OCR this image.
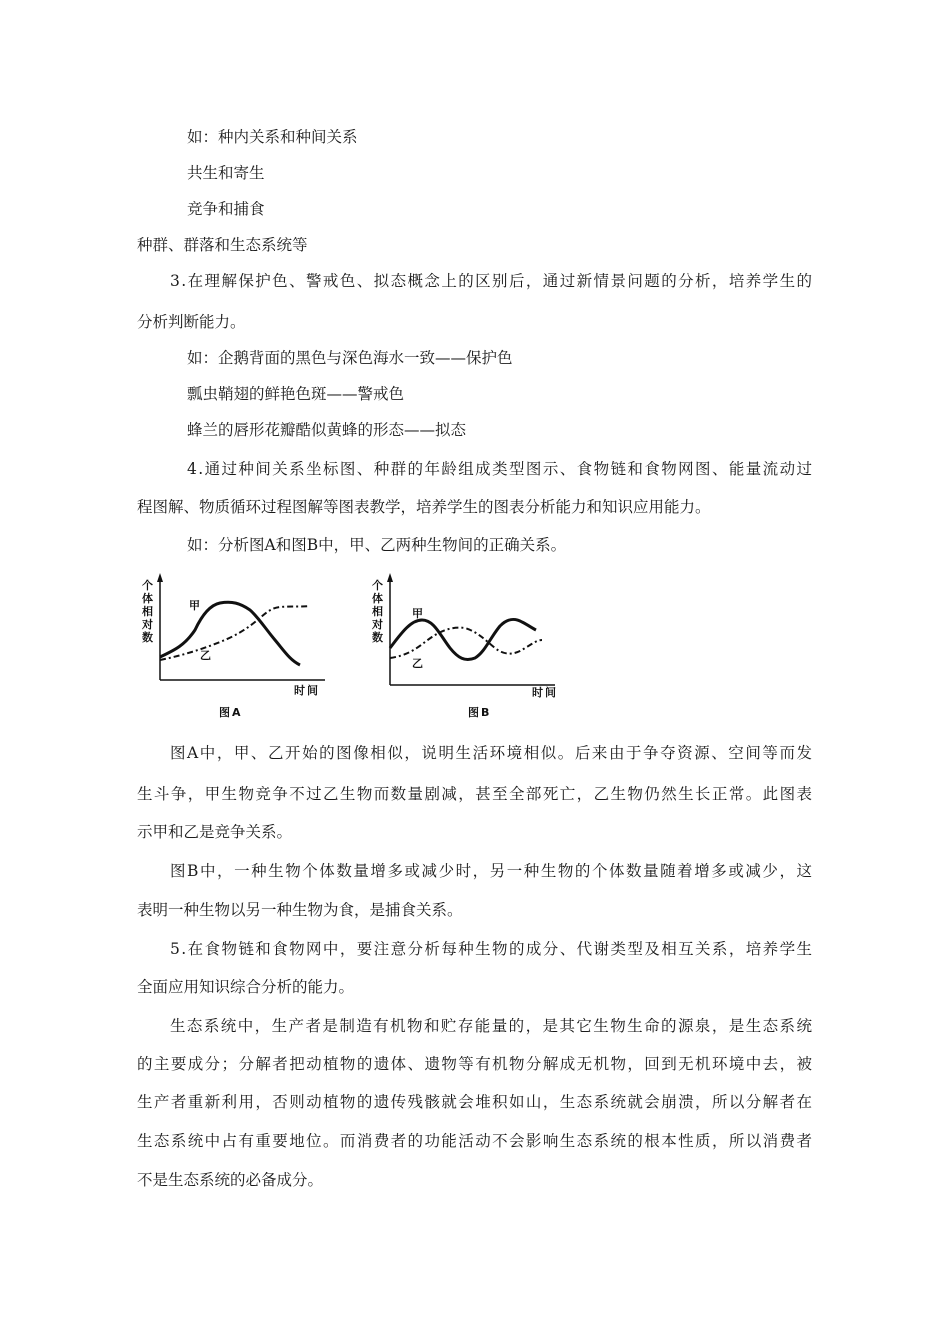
如：种内关系和种间关系
共生和寄生
竞争和捕食
种群、群落和生态系统等
3.在理解保护色、警戒色、拟态概念上的区别后，通过新情景问题的分析，培养学生的
分析判断能力。
如：企鹅背面的黑色与深色海水一致——保护色
瓢虫鞘翅的鲜艳色斑——警戒色
蜂兰的唇形花瓣酷似黄蜂的形态——拟态
4.通过种间关系坐标图、种群的年龄组成类型图示、食物链和食物网图、能量流动过
程图解、物质循环过程图解等图表教学，培养学生的图表分析能力和知识应用能力。
如：分析图A和图B中，甲、乙两种生物间的正确关系。
个
体
相
对
数
甲
乙
时 间
图 A
个
体
相
对
数
甲
乙
时 间
图 B
图A中，甲、乙开始的图像相似，说明生活环境相似。后来由于争夺资源、空间等而发
生斗争，甲生物竞争不过乙生物而数量剧减，甚至全部死亡，乙生物仍然生长正常。此图表
示甲和乙是竞争关系。
图B中，一种生物个体数量增多或减少时，另一种生物的个体数量随着增多或减少，这
表明一种生物以另一种生物为食，是捕食关系。
5.在食物链和食物网中，要注意分析每种生物的成分、代谢类型及相互关系，培养学生
全面应用知识综合分析的能力。
生态系统中，生产者是制造有机物和贮存能量的，是其它生物生命的源泉，是生态系统
的主要成分；分解者把动植物的遗体、遗物等有机物分解成无机物，回到无机环境中去，被
生产者重新利用，否则动植物的遗传残骸就会堆积如山，生态系统就会崩溃，所以分解者在
生态系统中占有重要地位。而消费者的功能活动不会影响生态系统的根本性质，所以消费者
不是生态系统的必备成分。
